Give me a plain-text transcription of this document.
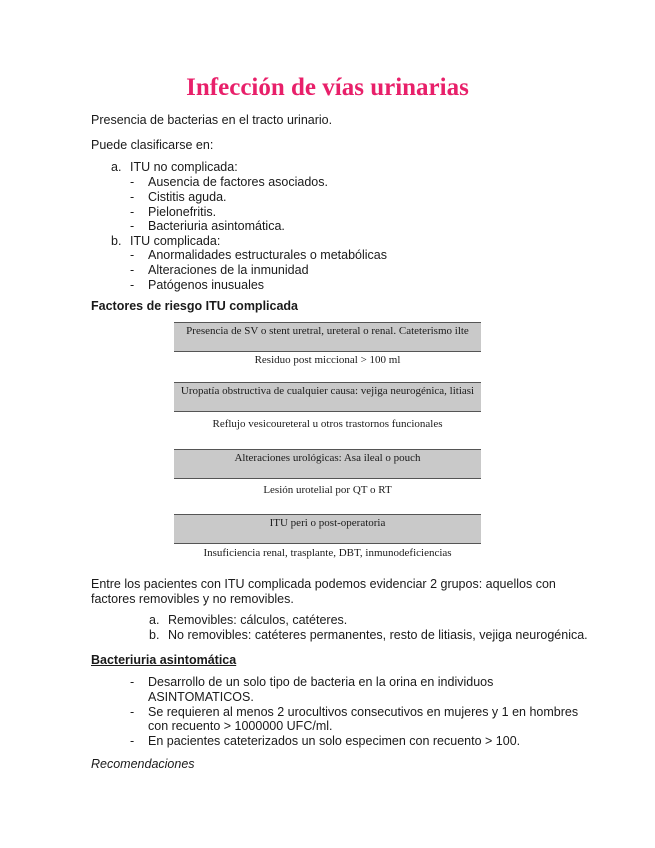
Infección de vías urinarias

Presencia de bacterias en el tracto urinario.

Puede clasificarse en:

a. ITU no complicada:
- Ausencia de factores asociados.
- Cistitis aguda.
- Pielonefritis.
- Bacteriuria asintomática.
b. ITU complicada:
- Anormalidades estructurales o metabólicas
- Alteraciones de la inmunidad
- Patógenos inusuales

Factores de riesgo ITU complicada

Presencia de SV o stent uretral, ureteral o renal. Cateterismo ilte
Residuo post miccional > 100 ml
Uropatía obstructiva de cualquier causa: vejiga neurogénica, litiasi
Reflujo vesicoureteral u otros trastornos funcionales
Alteraciones urológicas: Asa ileal o pouch
Lesión urotelial por QT o RT
ITU peri o post-operatoria
Insuficiencia renal, trasplante, DBT, inmunodeficiencias

Entre los pacientes con ITU complicada podemos evidenciar 2 grupos: aquellos con

factores removibles y no removibles.

a. Removibles: cálculos, catéteres.
b. No removibles: catéteres permanentes, resto de litiasis, vejiga neurogénica.

Bacteriuria asintomática

- Desarrollo de un solo tipo de bacteria en la orina en individuos
ASINTOMATICOS.
- Se requieren al menos 2 urocultivos consecutivos en mujeres y 1 en hombres
con recuento > 1000000 UFC/ml.
- En pacientes cateterizados un solo especimen con recuento > 100.

Recomendaciones
